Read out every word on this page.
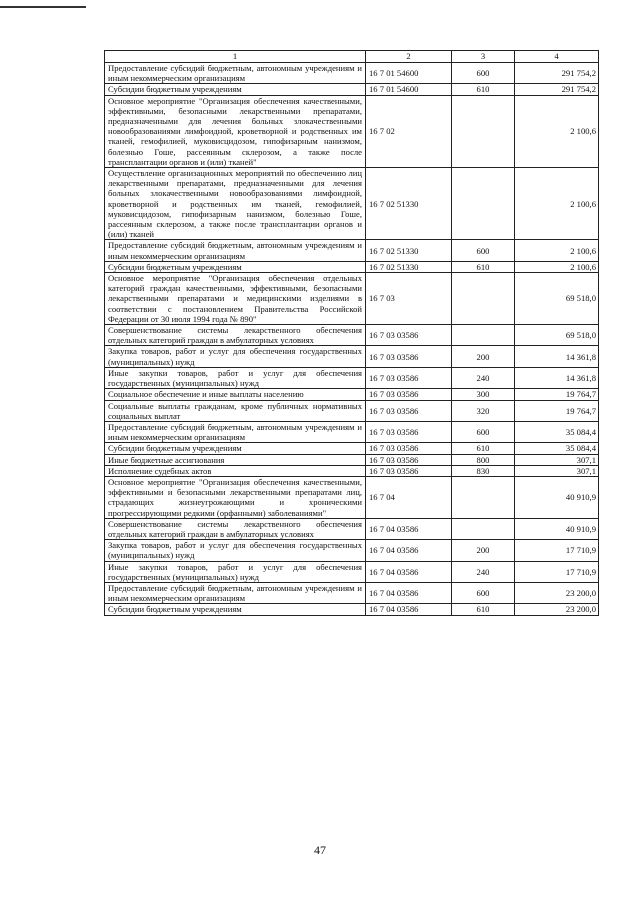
1	2	3	4
Предоставление субсидий бюджетным, автономным учреждениям и иным некоммерческим организациям	16 7 01 54600	600	291 754,2
Субсидии бюджетным учреждениям	16 7 01 54600	610	291 754,2
Основное мероприятие "Организация обеспечения качественными, эффективными, безопасными лекарственными препаратами, предназначенными для лечения больных злокачественными новообразованиями лимфоидной, кроветворной и родственных им тканей, гемофилией, муковисцидозом, гипофизарным нанизмом, болезнью Гоше, рассеянным склерозом, а также после трансплантации органов и (или) тканей"	16 7 02		2 100,6
Осуществление организационных мероприятий по обеспечению лиц лекарственными препаратами, предназначенными для лечения больных злокачественными новообразованиями лимфоидной, кроветворной и родственных им тканей, гемофилией, муковисцидозом, гипофизарным нанизмом, болезнью Гоше, рассеянным склерозом, а также после трансплантации органов и (или) тканей	16 7 02 51330		2 100,6
Предоставление субсидий бюджетным, автономным учреждениям и иным некоммерческим организациям	16 7 02 51330	600	2 100,6
Субсидии бюджетным учреждениям	16 7 02 51330	610	2 100,6
Основное мероприятие "Организация обеспечения отдельных категорий граждан качественными, эффективными, безопасными лекарственными препаратами и медицинскими изделиями в соответствии с постановлением Правительства Российской Федерации от 30 июля 1994 года № 890"	16 7 03		69 518,0
Совершенствование системы лекарственного обеспечения отдельных категорий граждан в амбулаторных условиях	16 7 03 03586		69 518,0
Закупка товаров, работ и услуг для обеспечения государственных (муниципальных) нужд	16 7 03 03586	200	14 361,8
Иные закупки товаров, работ и услуг для обеспечения государственных (муниципальных) нужд	16 7 03 03586	240	14 361,8
Социальное обеспечение и иные выплаты населению	16 7 03 03586	300	19 764,7
Социальные выплаты гражданам, кроме публичных нормативных социальных выплат	16 7 03 03586	320	19 764,7
Предоставление субсидий бюджетным, автономным учреждениям и иным некоммерческим организациям	16 7 03 03586	600	35 084,4
Субсидии бюджетным учреждениям	16 7 03 03586	610	35 084,4
Иные бюджетные ассигнования	16 7 03 03586	800	307,1
Исполнение судебных актов	16 7 03 03586	830	307,1
Основное мероприятие "Организация обеспечения качественными, эффективными и безопасными лекарственными препаратами лиц, страдающих жизнеугрожающими и хроническими прогрессирующими редкими (орфанными) заболеваниями"	16 7 04		40 910,9
Совершенствование системы лекарственного обеспечения отдельных категорий граждан в амбулаторных условиях	16 7 04 03586		40 910,9
Закупка товаров, работ и услуг для обеспечения государственных (муниципальных) нужд	16 7 04 03586	200	17 710,9
Иные закупки товаров, работ и услуг для обеспечения государственных (муниципальных) нужд	16 7 04 03586	240	17 710,9
Предоставление субсидий бюджетным, автономным учреждениям и иным некоммерческим организациям	16 7 04 03586	600	23 200,0
Субсидии бюджетным учреждениям	16 7 04 03586	610	23 200,0
47
